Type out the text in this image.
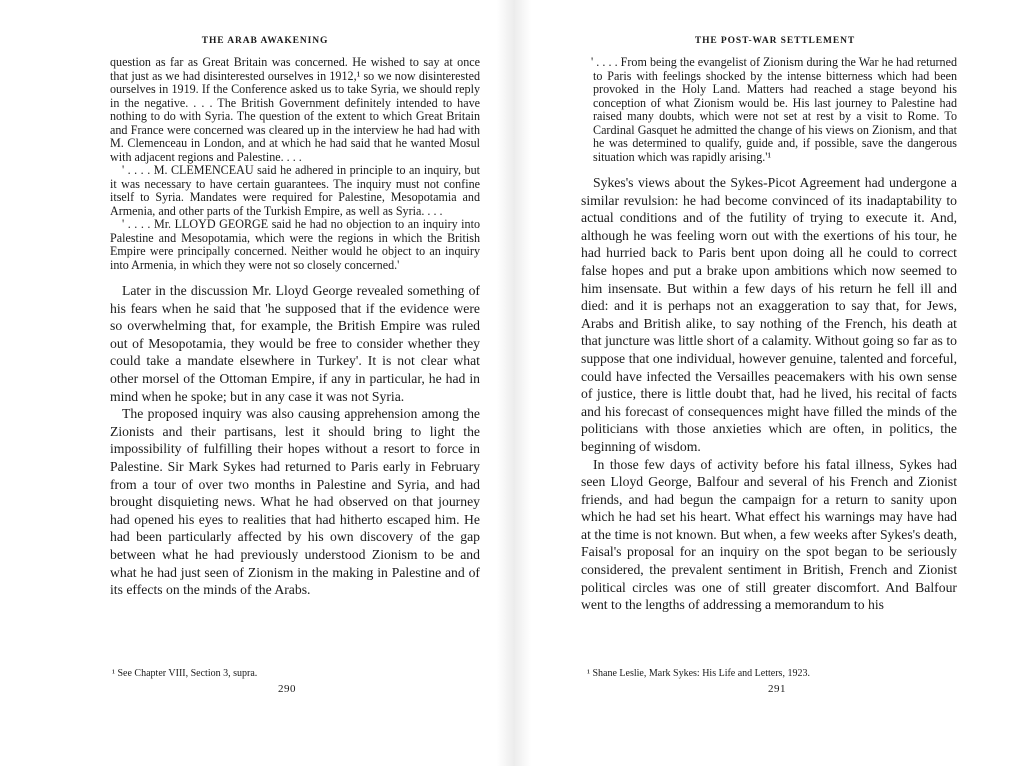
THE ARAB AWAKENING

question as far as Great Britain was concerned. He wished to say at once that just as we had disinterested ourselves in 1912,¹ so we now disinterested ourselves in 1919. If the Conference asked us to take Syria, we should reply in the negative. . . . The British Government definitely intended to have nothing to do with Syria. The question of the extent to which Great Britain and France were concerned was cleared up in the interview he had had with M. Clemenceau in London, and at which he had said that he wanted Mosul with adjacent regions and Palestine. . . .

' . . . . M. CLEMENCEAU said he adhered in principle to an inquiry, but it was necessary to have certain guarantees. The inquiry must not confine itself to Syria. Mandates were required for Palestine, Mesopotamia and Armenia, and other parts of the Turkish Empire, as well as Syria. . . .

' . . . . Mr. LLOYD GEORGE said he had no objection to an inquiry into Palestine and Mesopotamia, which were the regions in which the British Empire were principally concerned. Neither would he object to an inquiry into Armenia, in which they were not so closely concerned.'

Later in the discussion Mr. Lloyd George revealed something of his fears when he said that 'he supposed that if the evidence were so overwhelming that, for example, the British Empire was ruled out of Mesopotamia, they would be free to consider whether they could take a mandate elsewhere in Turkey'. It is not clear what other morsel of the Ottoman Empire, if any in particular, he had in mind when he spoke; but in any case it was not Syria.

The proposed inquiry was also causing apprehension among the Zionists and their partisans, lest it should bring to light the impossibility of fulfilling their hopes without a resort to force in Palestine. Sir Mark Sykes had returned to Paris early in February from a tour of over two months in Palestine and Syria, and had brought disquieting news. What he had observed on that journey had opened his eyes to realities that had hitherto escaped him. He had been particularly affected by his own discovery of the gap between what he had previously understood Zionism to be and what he had just seen of Zionism in the making in Palestine and of its effects on the minds of the Arabs.

¹ See Chapter VIII, Section 3, supra.
290
THE POST-WAR SETTLEMENT

' . . . . From being the evangelist of Zionism during the War he had returned to Paris with feelings shocked by the intense bitterness which had been provoked in the Holy Land. Matters had reached a stage beyond his conception of what Zionism would be. His last journey to Palestine had raised many doubts, which were not set at rest by a visit to Rome. To Cardinal Gasquet he admitted the change of his views on Zionism, and that he was determined to qualify, guide and, if possible, save the dangerous situation which was rapidly arising.'¹

Sykes's views about the Sykes-Picot Agreement had undergone a similar revulsion: he had become convinced of its inadaptability to actual conditions and of the futility of trying to execute it. And, although he was feeling worn out with the exertions of his tour, he had hurried back to Paris bent upon doing all he could to correct false hopes and put a brake upon ambitions which now seemed to him insensate. But within a few days of his return he fell ill and died: and it is perhaps not an exaggeration to say that, for Jews, Arabs and British alike, to say nothing of the French, his death at that juncture was little short of a calamity. Without going so far as to suppose that one individual, however genuine, talented and forceful, could have infected the Versailles peacemakers with his own sense of justice, there is little doubt that, had he lived, his recital of facts and his forecast of consequences might have filled the minds of the politicians with those anxieties which are often, in politics, the beginning of wisdom.

In those few days of activity before his fatal illness, Sykes had seen Lloyd George, Balfour and several of his French and Zionist friends, and had begun the campaign for a return to sanity upon which he had set his heart. What effect his warnings may have had at the time is not known. But when, a few weeks after Sykes's death, Faisal's proposal for an inquiry on the spot began to be seriously considered, the prevalent sentiment in British, French and Zionist political circles was one of still greater discomfort. And Balfour went to the lengths of addressing a memorandum to his

¹ Shane Leslie, Mark Sykes: His Life and Letters, 1923.
291
